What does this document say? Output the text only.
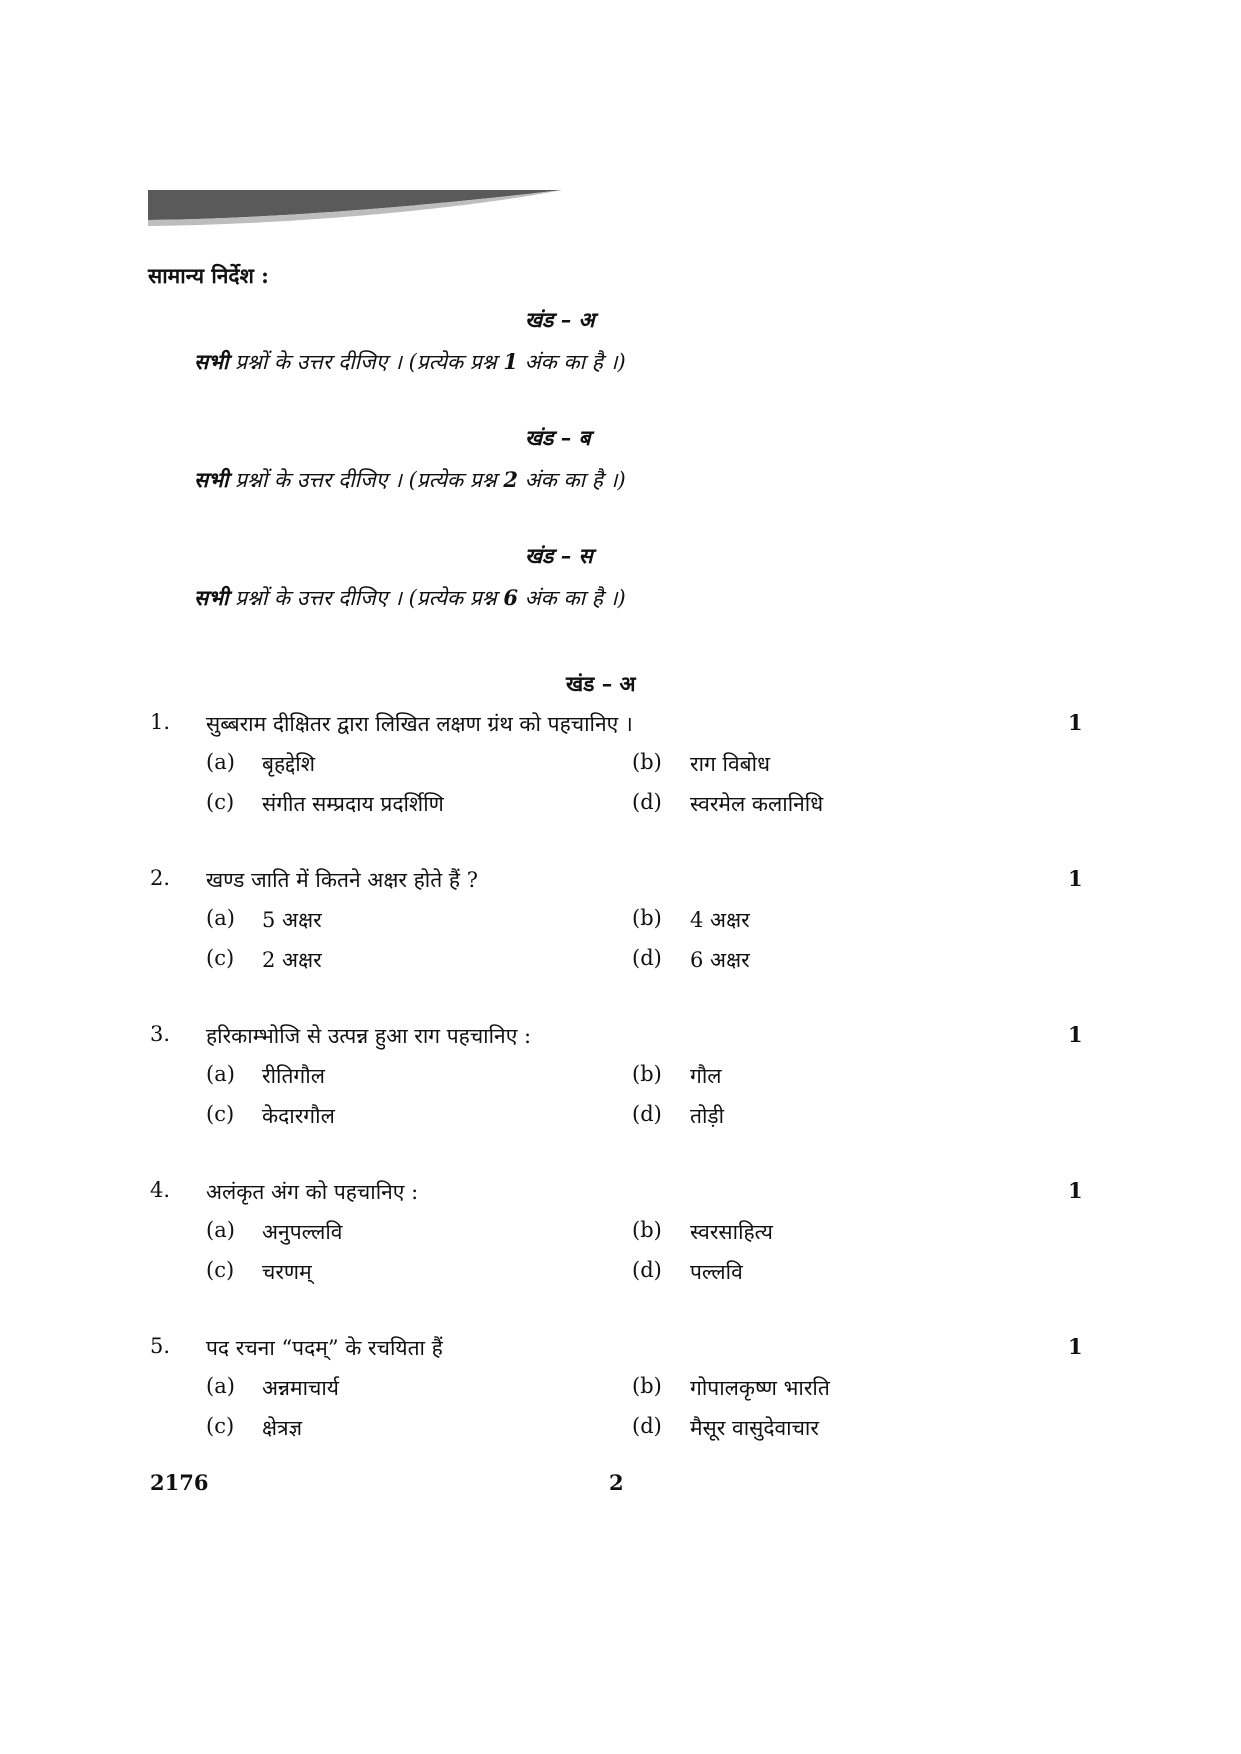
सामान्य निर्देश :
खंड – अ
सभी प्रश्नों के उत्तर दीजिए । (प्रत्येक प्रश्न 1 अंक का है ।)
खंड – ब
सभी प्रश्नों के उत्तर दीजिए । (प्रत्येक प्रश्न 2 अंक का है ।)
खंड – स
सभी प्रश्नों के उत्तर दीजिए । (प्रत्येक प्रश्न 6 अंक का है ।)
खंड – अ
1. सुब्बराम दीक्षितर द्वारा लिखित लक्षण ग्रंथ को पहचानिए ।	1
(a) बृहद्देशि	(b) राग विबोध
(c) संगीत सम्प्रदाय प्रदर्शिणि	(d) स्वरमेल कलानिधि
2. खण्ड जाति में कितने अक्षर होते हैं ?	1
(a) 5 अक्षर	(b) 4 अक्षर
(c) 2 अक्षर	(d) 6 अक्षर
3. हरिकाम्भोजि से उत्पन्न हुआ राग पहचानिए :	1
(a) रीतिगौल	(b) गौल
(c) केदारगौल	(d) तोड़ी
4. अलंकृत अंग को पहचानिए :	1
(a) अनुपल्लवि	(b) स्वरसाहित्य
(c) चरणम्	(d) पल्लवि
5. पद रचना “पदम्” के रचयिता हैं	1
(a) अन्नमाचार्य	(b) गोपालकृष्ण भारति
(c) क्षेत्रज्ञ	(d) मैसूर वासुदेवाचार
2176	2
